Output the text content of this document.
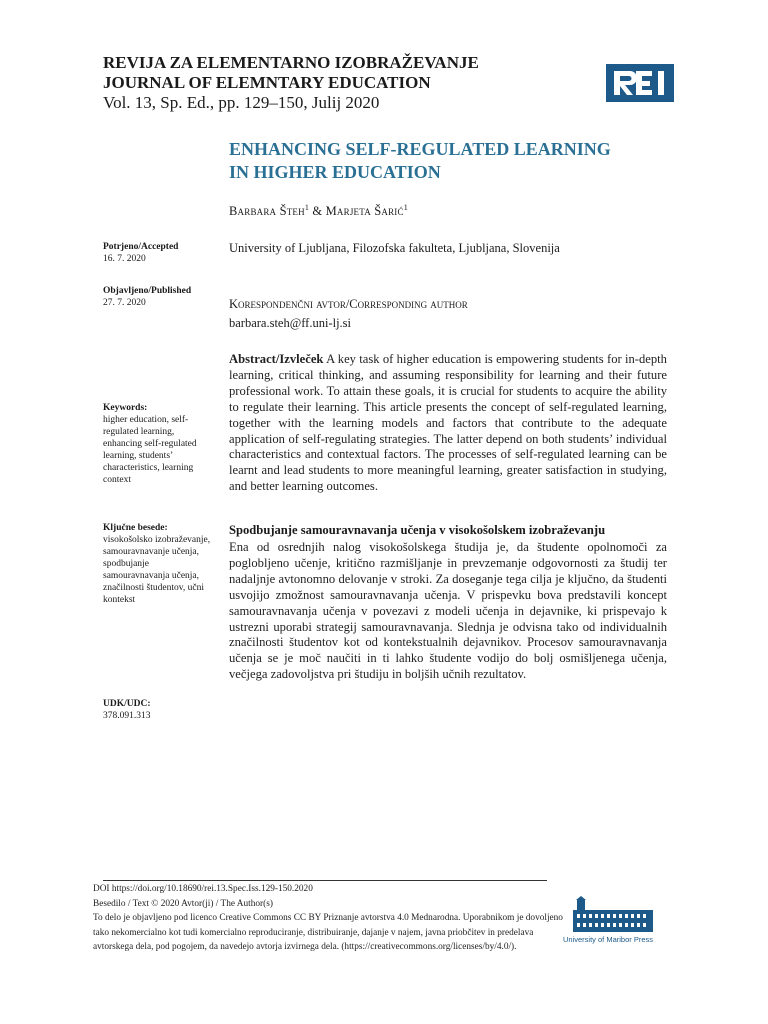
REVIJA ZA ELEMENTARNO IZOBRAŽEVANJE
JOURNAL OF ELEMNTARY EDUCATION
Vol. 13, Sp. Ed., pp. 129–150, Julij 2020
ENHANCING SELF-REGULATED LEARNING
IN HIGHER EDUCATION
Barbara Šteh$^1$ & Marjeta Šarić$^1$
Potrjeno/Accepted
16. 7. 2020
Objavljeno/Published
27. 7. 2020
Keywords:
higher education, self-regulated learning, enhancing self-regulated learning, students’ characteristics, learning context
Ključne besede:
visokošolsko izobraževanje, samouravnavanje učenja, spodbujanje samouravnavanja učenja, značilnosti študentov, učni kontekst
UDK/UDC:
378.091.313
University of Ljubljana, Filozofska fakulteta, Ljubljana, Slovenija
Korespondenčni avtor/Corresponding author
barbara.steh@ff.uni-lj.si
Abstract/Izvleček A key task of higher education is empowering students for in-depth learning, critical thinking, and assuming responsibility for learning and their future professional work. To attain these goals, it is crucial for students to acquire the ability to regulate their learning. This article presents the concept of self-regulated learning, together with the learning models and factors that contribute to the adequate application of self-regulating strategies. The latter depend on both students’ individual characteristics and contextual factors. The processes of self-regulated learning can be learnt and lead students to more meaningful learning, greater satisfaction in studying, and better learning outcomes.
Spodbujanje samouravnavanja učenja v visokošolskem izobraževanju
Ena od osrednjih nalog visokošolskega študija je, da študente opolnomoči za poglobljeno učenje, kritično razmišljanje in prevzemanje odgovornosti za študij ter nadaljnje avtonomno delovanje v stroki. Za doseganje tega cilja je ključno, da študenti usvojijo zmožnost samouravnavanja učenja. V prispevku bova predstavili koncept samouravnavanja učenja v povezavi z modeli učenja in dejavnike, ki prispevajo k ustrezni uporabi strategij samouravnavanja. Slednja je odvisna tako od individualnih značilnosti študentov kot od kontekstualnih dejavnikov. Procesov samouravnavanja učenja se je moč naučiti in ti lahko študente vodijo do bolj osmišljenega učenja, večjega zadovoljstva pri študiju in boljših učnih rezultatov.
DOI https://doi.org/10.18690/rei.13.Spec.Iss.129-150.2020
Besedilo / Text © 2020 Avtor(ji) / The Author(s)
To delo je objavljeno pod licenco Creative Commons CC BY Priznanje avtorstva 4.0 Mednarodna. Uporabnikom je dovoljeno tako nekomercialno kot tudi komercialno reproduciranje, distribuiranje, dajanje v najem, javna priobčitev in predelava avtorskega dela, pod pogojem, da navedejo avtorja izvirnega dela. (https://creativecommons.org/licenses/by/4.0/).
University of Maribor Press
